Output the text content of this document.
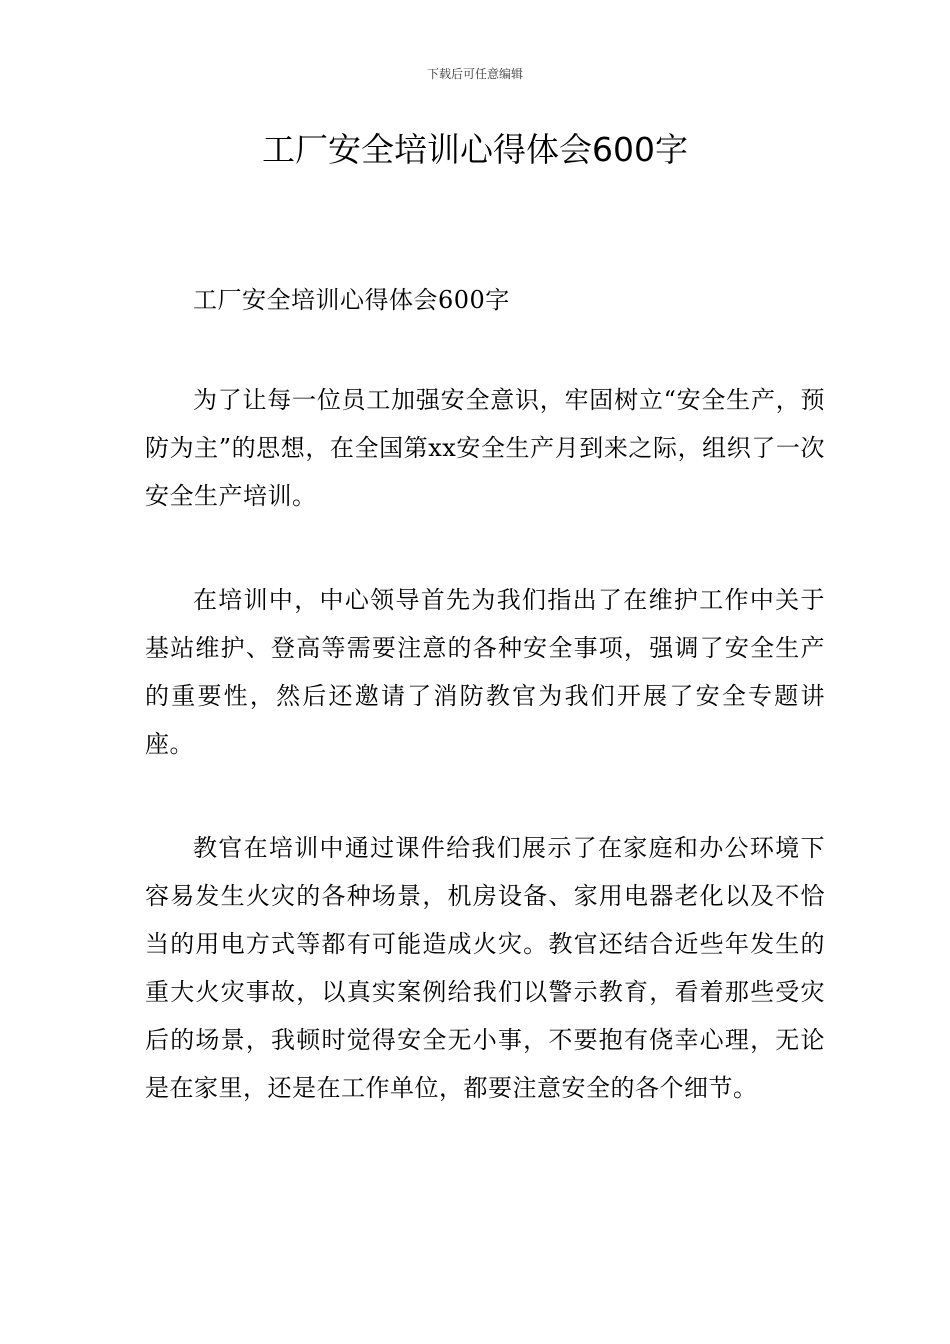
下载后可任意编辑
工厂安全培训心得体会600字

工厂安全培训心得体会600字

为了让每一位员工加强安全意识，牢固树立“安全生产，预防为主”的思想，在全国第xx安全生产月到来之际，组织了一次安全生产培训。

在培训中，中心领导首先为我们指出了在维护工作中关于基站维护、登高等需要注意的各种安全事项，强调了安全生产的重要性，然后还邀请了消防教官为我们开展了安全专题讲座。

教官在培训中通过课件给我们展示了在家庭和办公环境下容易发生火灾的各种场景，机房设备、家用电器老化以及不恰当的用电方式等都有可能造成火灾。教官还结合近些年发生的重大火灾事故，以真实案例给我们以警示教育，看着那些受灾后的场景，我顿时觉得安全无小事，不要抱有侥幸心理，无论是在家里，还是在工作单位，都要注意安全的各个细节。
